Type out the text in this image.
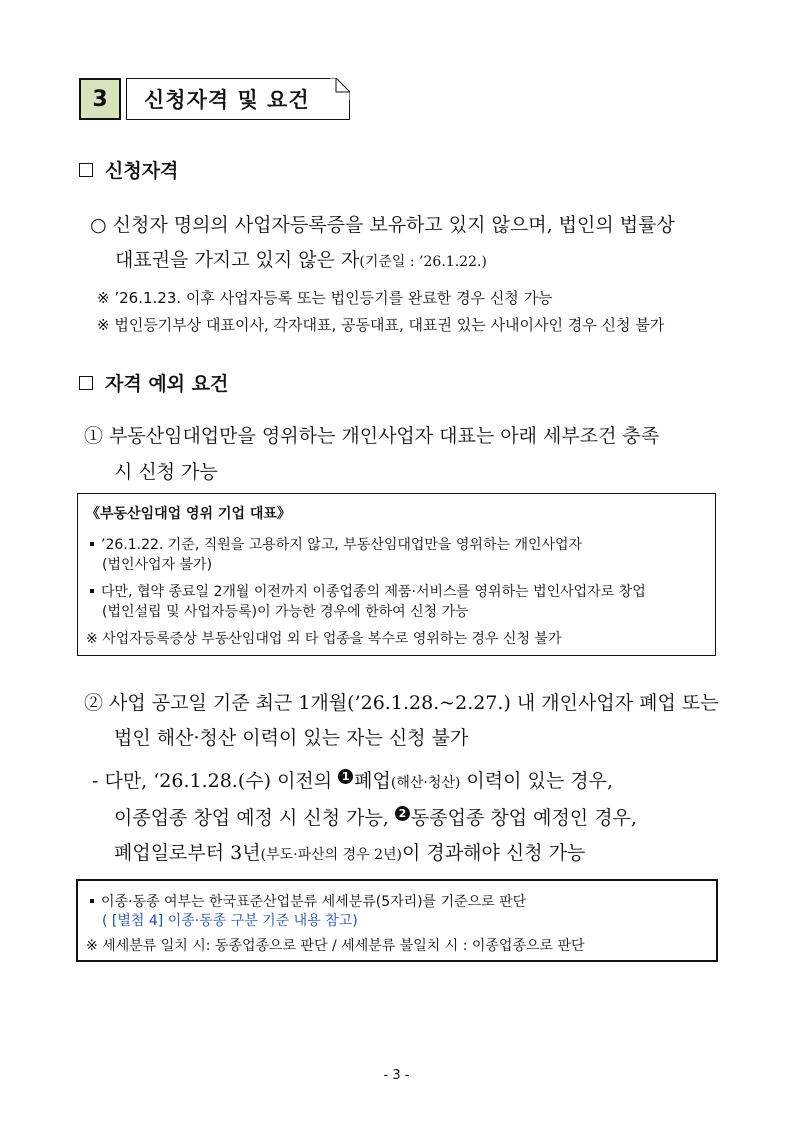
3	신청자격 및 요건
신청자격
○ 신청자 명의의 사업자등록증을 보유하고 있지 않으며, 법인의 법률상
대표권을 가지고 있지 않은 자(기준일 : ’26.1.22.)
※ ’26.1.23. 이후 사업자등록 또는 법인등기를 완료한 경우 신청 가능
※ 법인등기부상 대표이사, 각자대표, 공동대표, 대표권 있는 사내이사인 경우 신청 불가
자격 예외 요건
① 부동산임대업만을 영위하는 개인사업자 대표는 아래 세부조건 충족
시 신청 가능
《부동산임대업 영위 기업 대표》
’26.1.22. 기준, 직원을 고용하지 않고, 부동산임대업만을 영위하는 개인사업자
(법인사업자 불가)
다만, 협약 종료일 2개월 이전까지 이종업종의 제품·서비스를 영위하는 법인사업자로 창업
(법인설립 및 사업자등록)이 가능한 경우에 한하여 신청 가능
※ 사업자등록증상 부동산임대업 외 타 업종을 복수로 영위하는 경우 신청 불가
② 사업 공고일 기준 최근 1개월(’26.1.28.~2.27.) 내 개인사업자 폐업 또는
법인 해산·청산 이력이 있는 자는 신청 불가
- 다만, ‘26.1.28.(수) 이전의 1 폐업(해산·청산) 이력이 있는 경우,
이종업종 창업 예정 시 신청 가능, 2 동종업종 창업 예정인 경우,
폐업일로부터 3년(부도·파산의 경우 2년)이 경과해야 신청 가능
이종·동종 여부는 한국표준산업분류 세세분류(5자리)를 기준으로 판단
( [별첨 4] 이종·동종 구분 기준 내용 참고)
※ 세세분류 일치 시: 동종업종으로 판단 / 세세분류 불일치 시 : 이종업종으로 판단
- 3 -
